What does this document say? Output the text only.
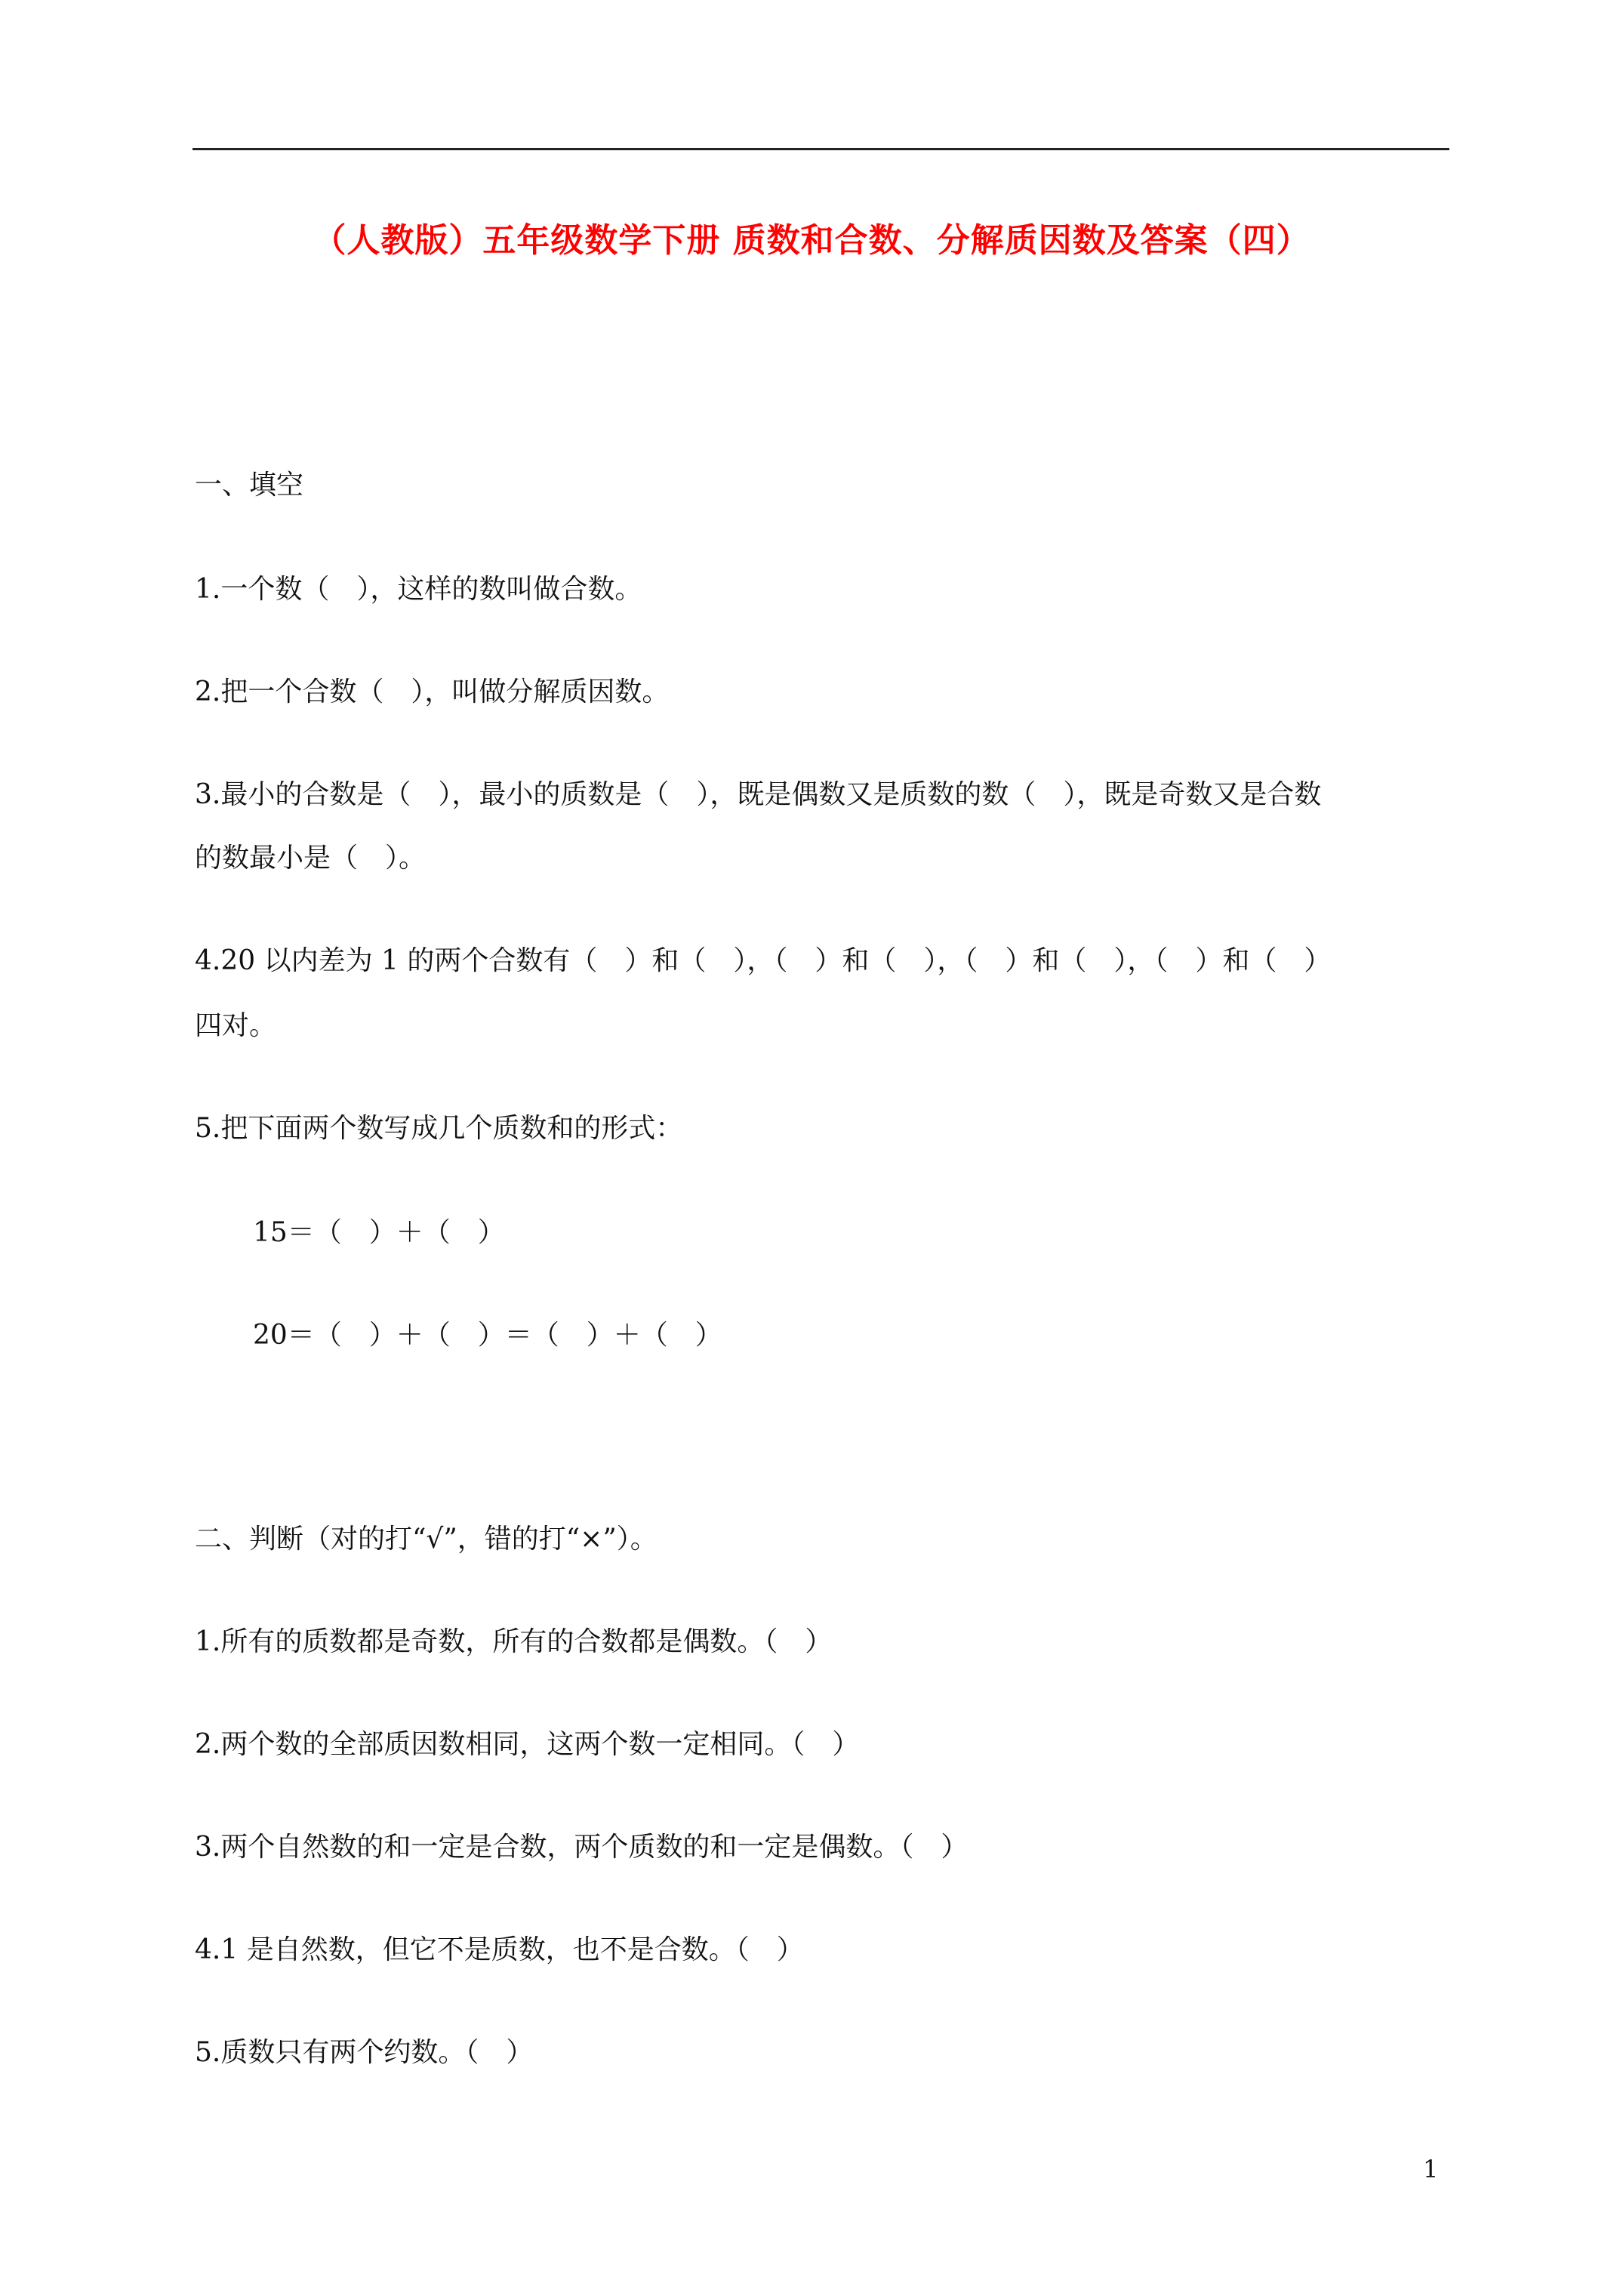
（人教版）五年级数学下册 质数和合数、分解质因数及答案（四）
一、填空
1.一个数（　），这样的数叫做合数。
2.把一个合数（　），叫做分解质因数。
3.最小的合数是（　），最小的质数是（　），既是偶数又是质数的数（　），既是奇数又是合数
的数最小是（　）。
4.20 以内差为 1 的两个合数有（　）和（　），（　）和（　），（　）和（　），（　）和（　）
四对。
5.把下面两个数写成几个质数和的形式：
15＝（　）＋（　）
20＝（　）＋（　）＝（　）＋（　）
二、判断（对的打“√”，错的打“×”）。
1.所有的质数都是奇数，所有的合数都是偶数。（　）
2.两个数的全部质因数相同，这两个数一定相同。（　）
3.两个自然数的和一定是合数，两个质数的和一定是偶数。（　）
4.1 是自然数，但它不是质数，也不是合数。（　）
5.质数只有两个约数。（　）
1
